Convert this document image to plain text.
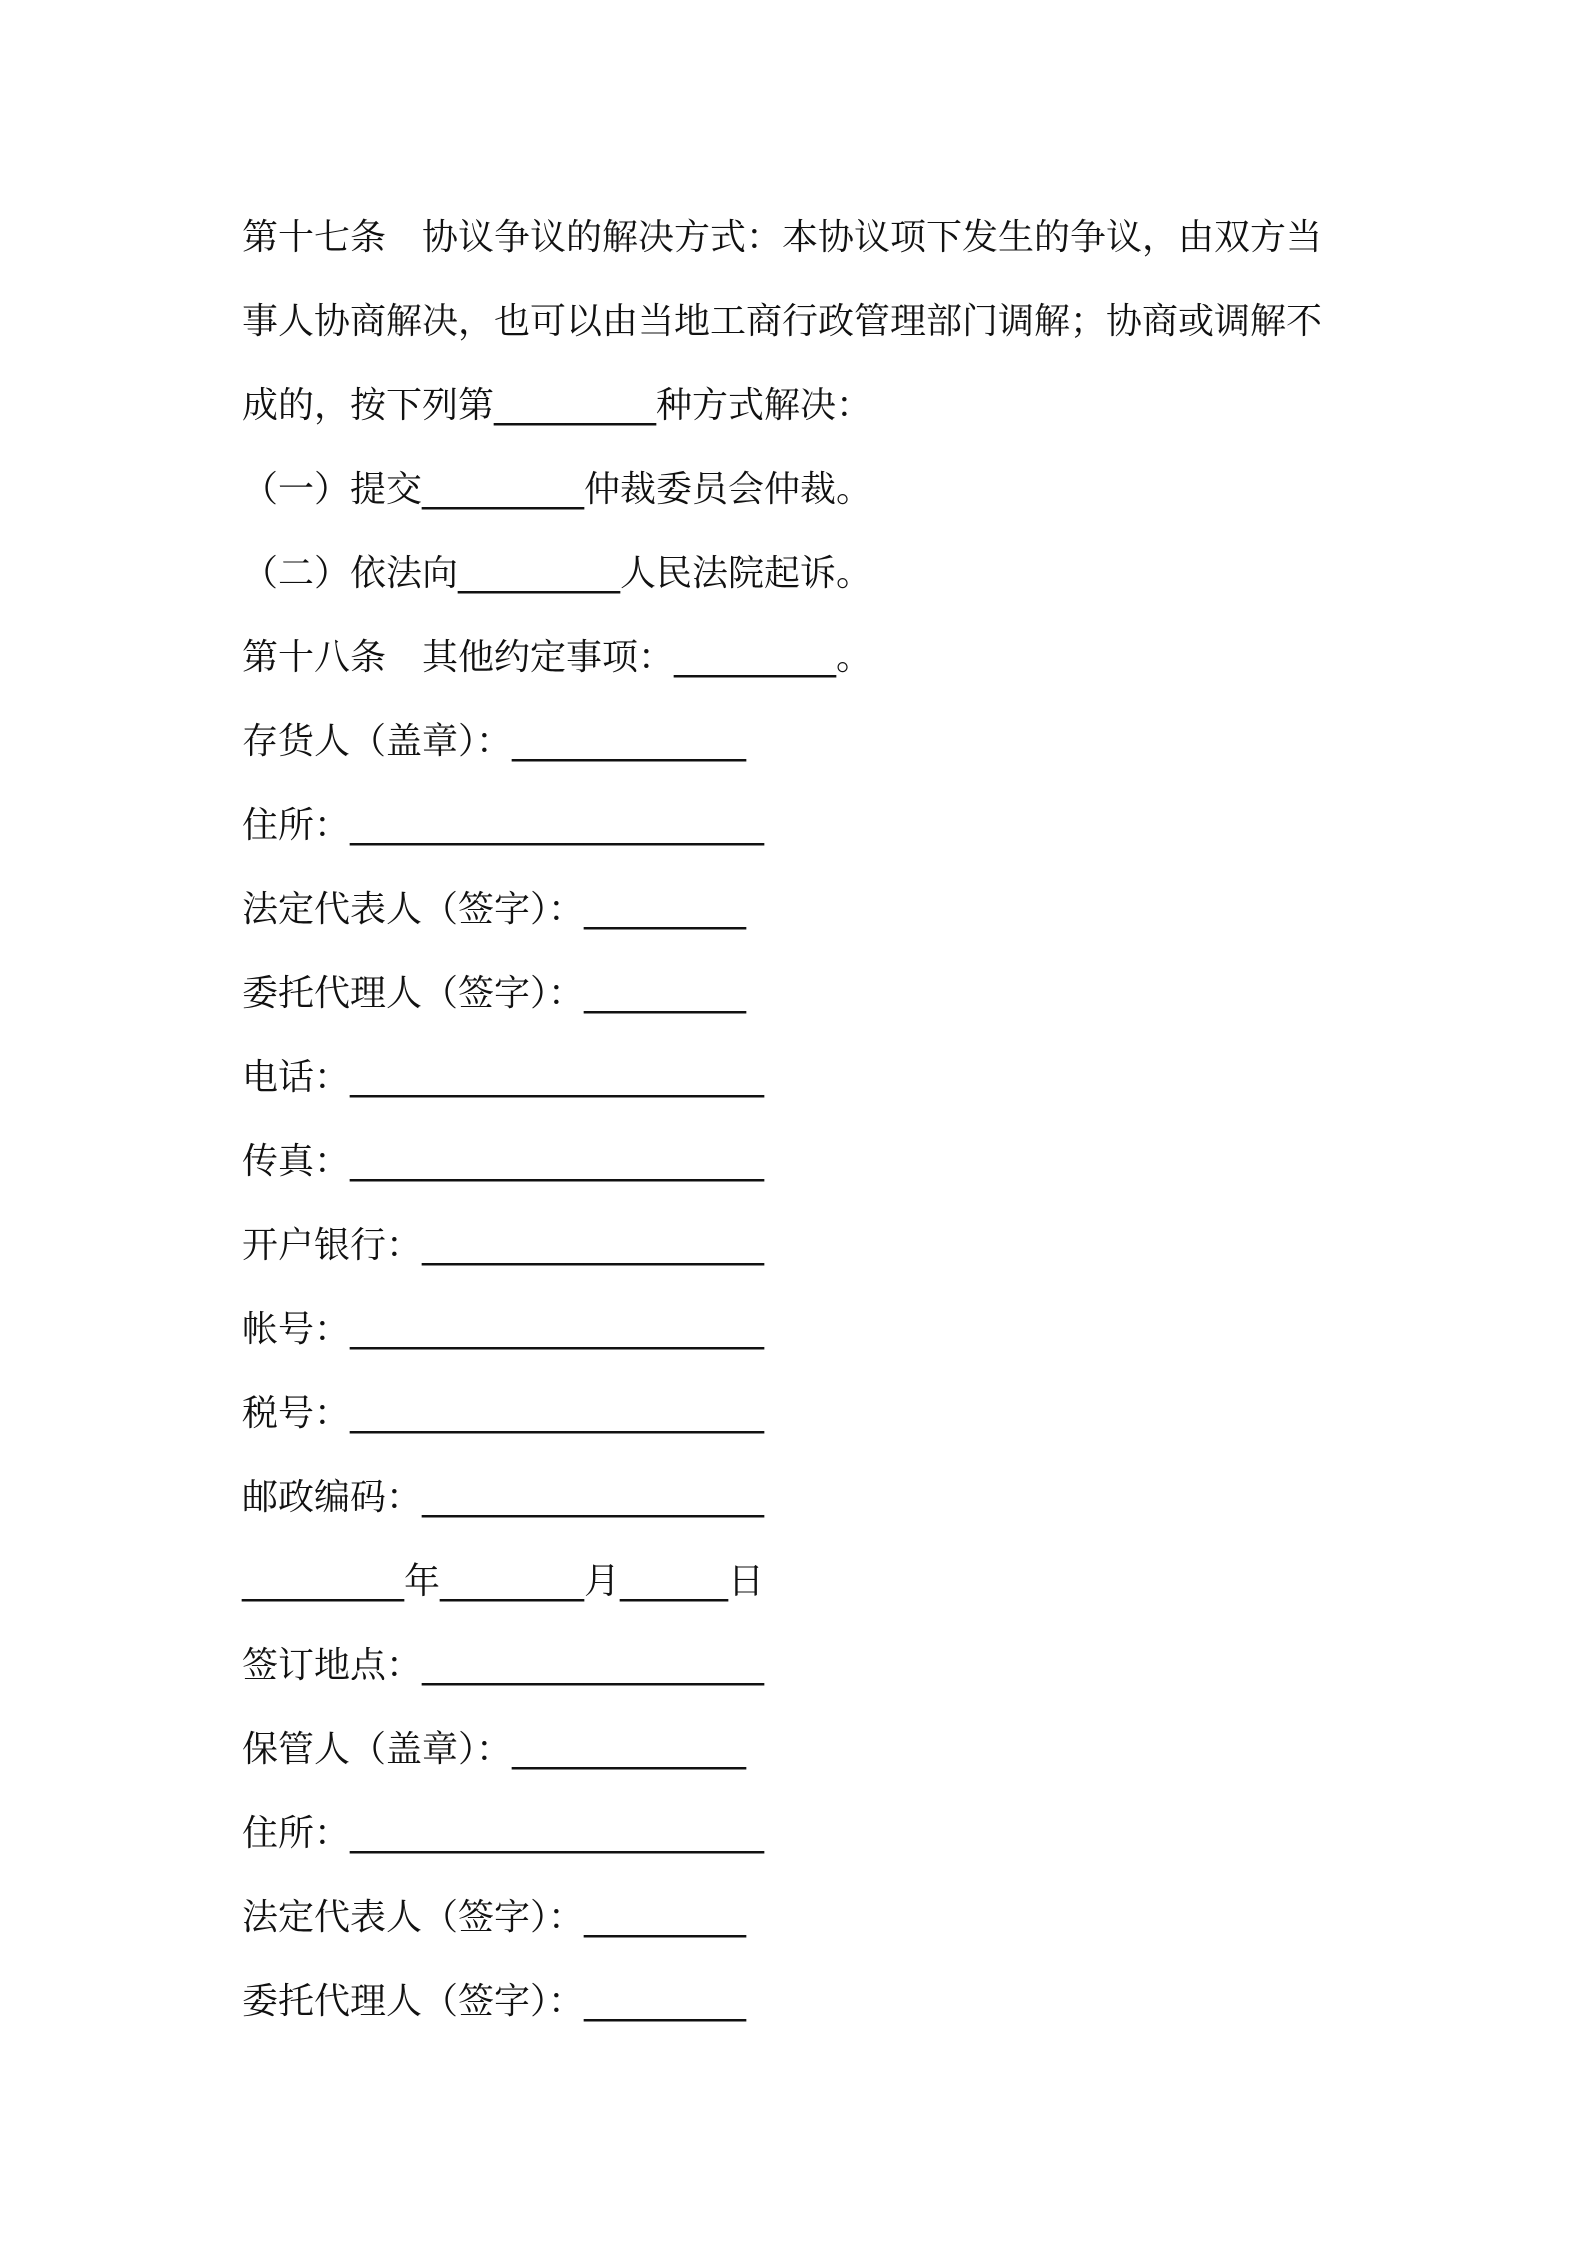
第十七条　协议争议的解决方式：本协议项下发生的争议，由双方当
事人协商解决，也可以由当地工商行政管理部门调解；协商或调解不
成的，按下列第_________种方式解决：
（一）提交_________仲裁委员会仲裁。
（二）依法向_________人民法院起诉。
第十八条　其他约定事项：_________。
存货人（盖章）：_____________
住所：_______________________
法定代表人（签字）：_________
委托代理人（签字）：_________
电话：_______________________
传真：_______________________
开户银行：___________________
帐号：_______________________
税号：_______________________
邮政编码：___________________
_________年________月______日
签订地点：___________________
保管人（盖章）：_____________
住所：_______________________
法定代表人（签字）：_________
委托代理人（签字）：_________
